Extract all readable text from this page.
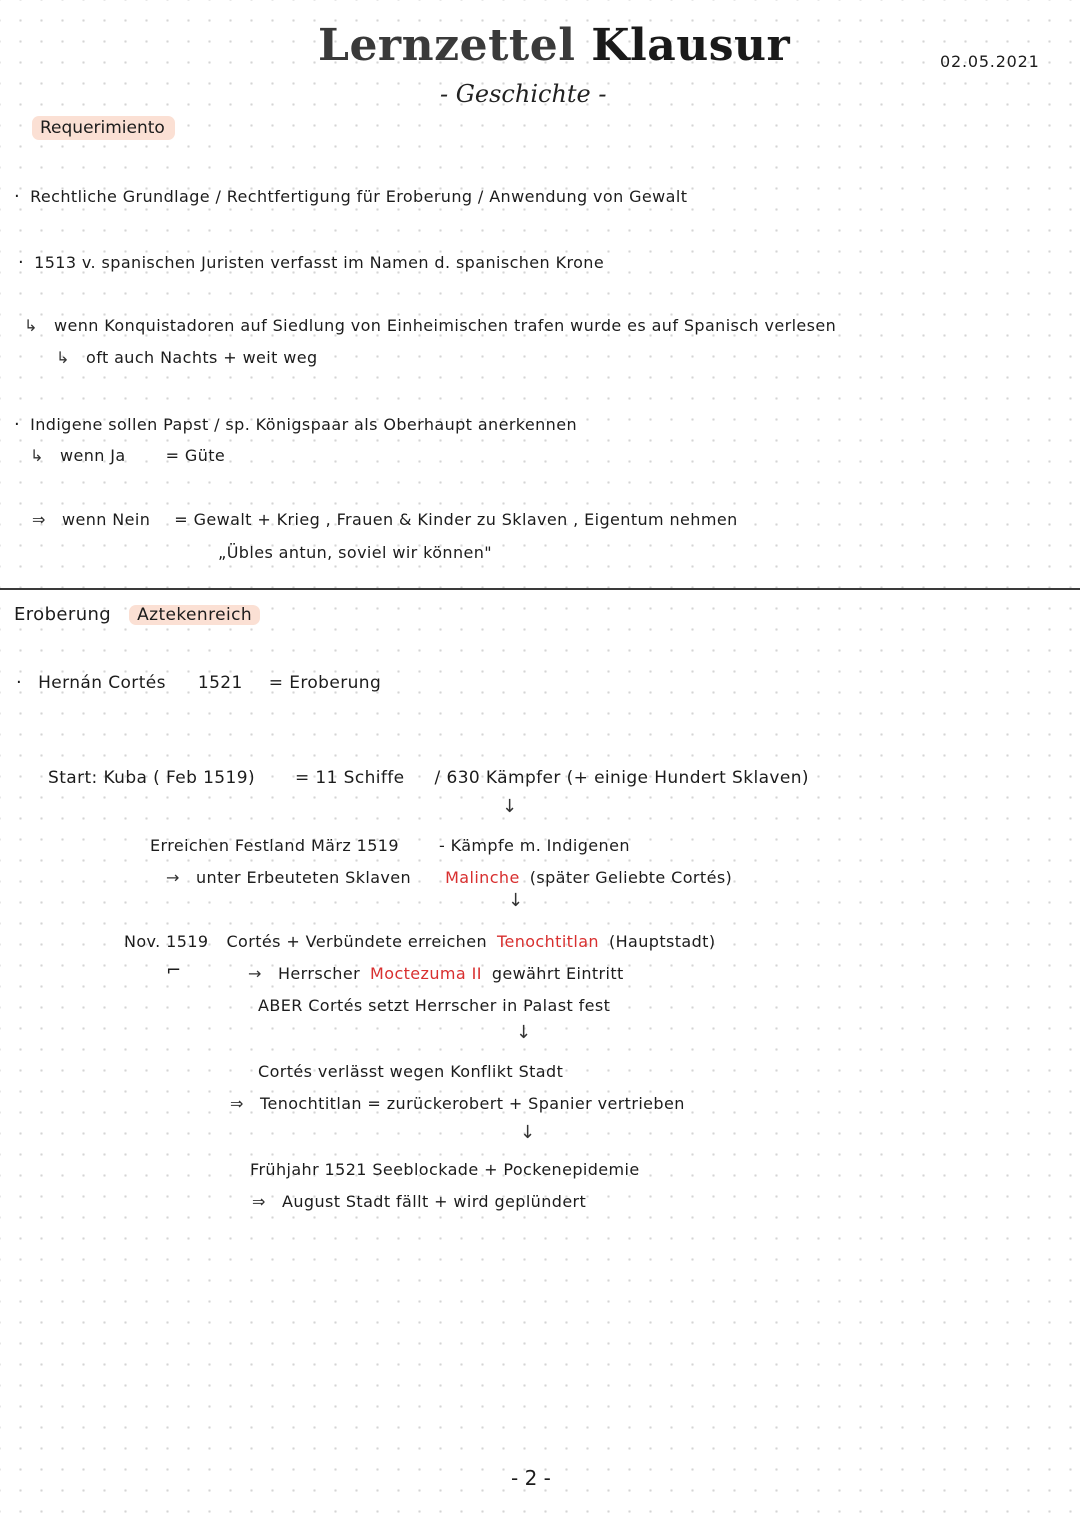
Lernzettel Klausur
- Geschichte -
02.05.2021
Requerimiento
· Rechtliche Grundlage / Rechtfertigung für Eroberung / Anwendung von Gewalt
· 1513 v. spanischen Juristen verfasst im Namen d. spanischen Krone
↳ wenn Konquistadoren auf Siedlung von Einheimischen trafen wurde es auf Spanisch verlesen
↳ oft auch Nachts + weit weg
· Indigene sollen Papst / sp. Königspaar als Oberhaupt anerkennen
↳ wenn Ja	= Güte
⇒ wenn Nein = Gewalt + Krieg , Frauen & Kinder zu Sklaven , Eigentum nehmen
„Übles antun, soviel wir können"
Eroberung Aztekenreich
· Hernán Cortés 1521 = Eroberung
Start: Kuba ( Feb 1519) = 11 Schiffe / 630 Kämpfer (+ einige Hundert Sklaven)
↓
Erreichen Festland März 1519	- Kämpfe m. Indigenen
→ unter Erbeuteten Sklaven Malinche (später Geliebte Cortés)
↓
Nov. 1519 Cortés + Verbündete erreichen Tenochtitlan (Hauptstadt)
⌐	→ Herrscher Moctezuma II gewährt Eintritt
ABER Cortés setzt Herrscher in Palast fest
↓
Cortés verlässt wegen Konflikt Stadt
⇒ Tenochtitlan = zurückerobert + Spanier vertrieben
↓
Frühjahr 1521 Seeblockade + Pockenepidemie
⇒ August Stadt fällt + wird geplündert
- 2 -
